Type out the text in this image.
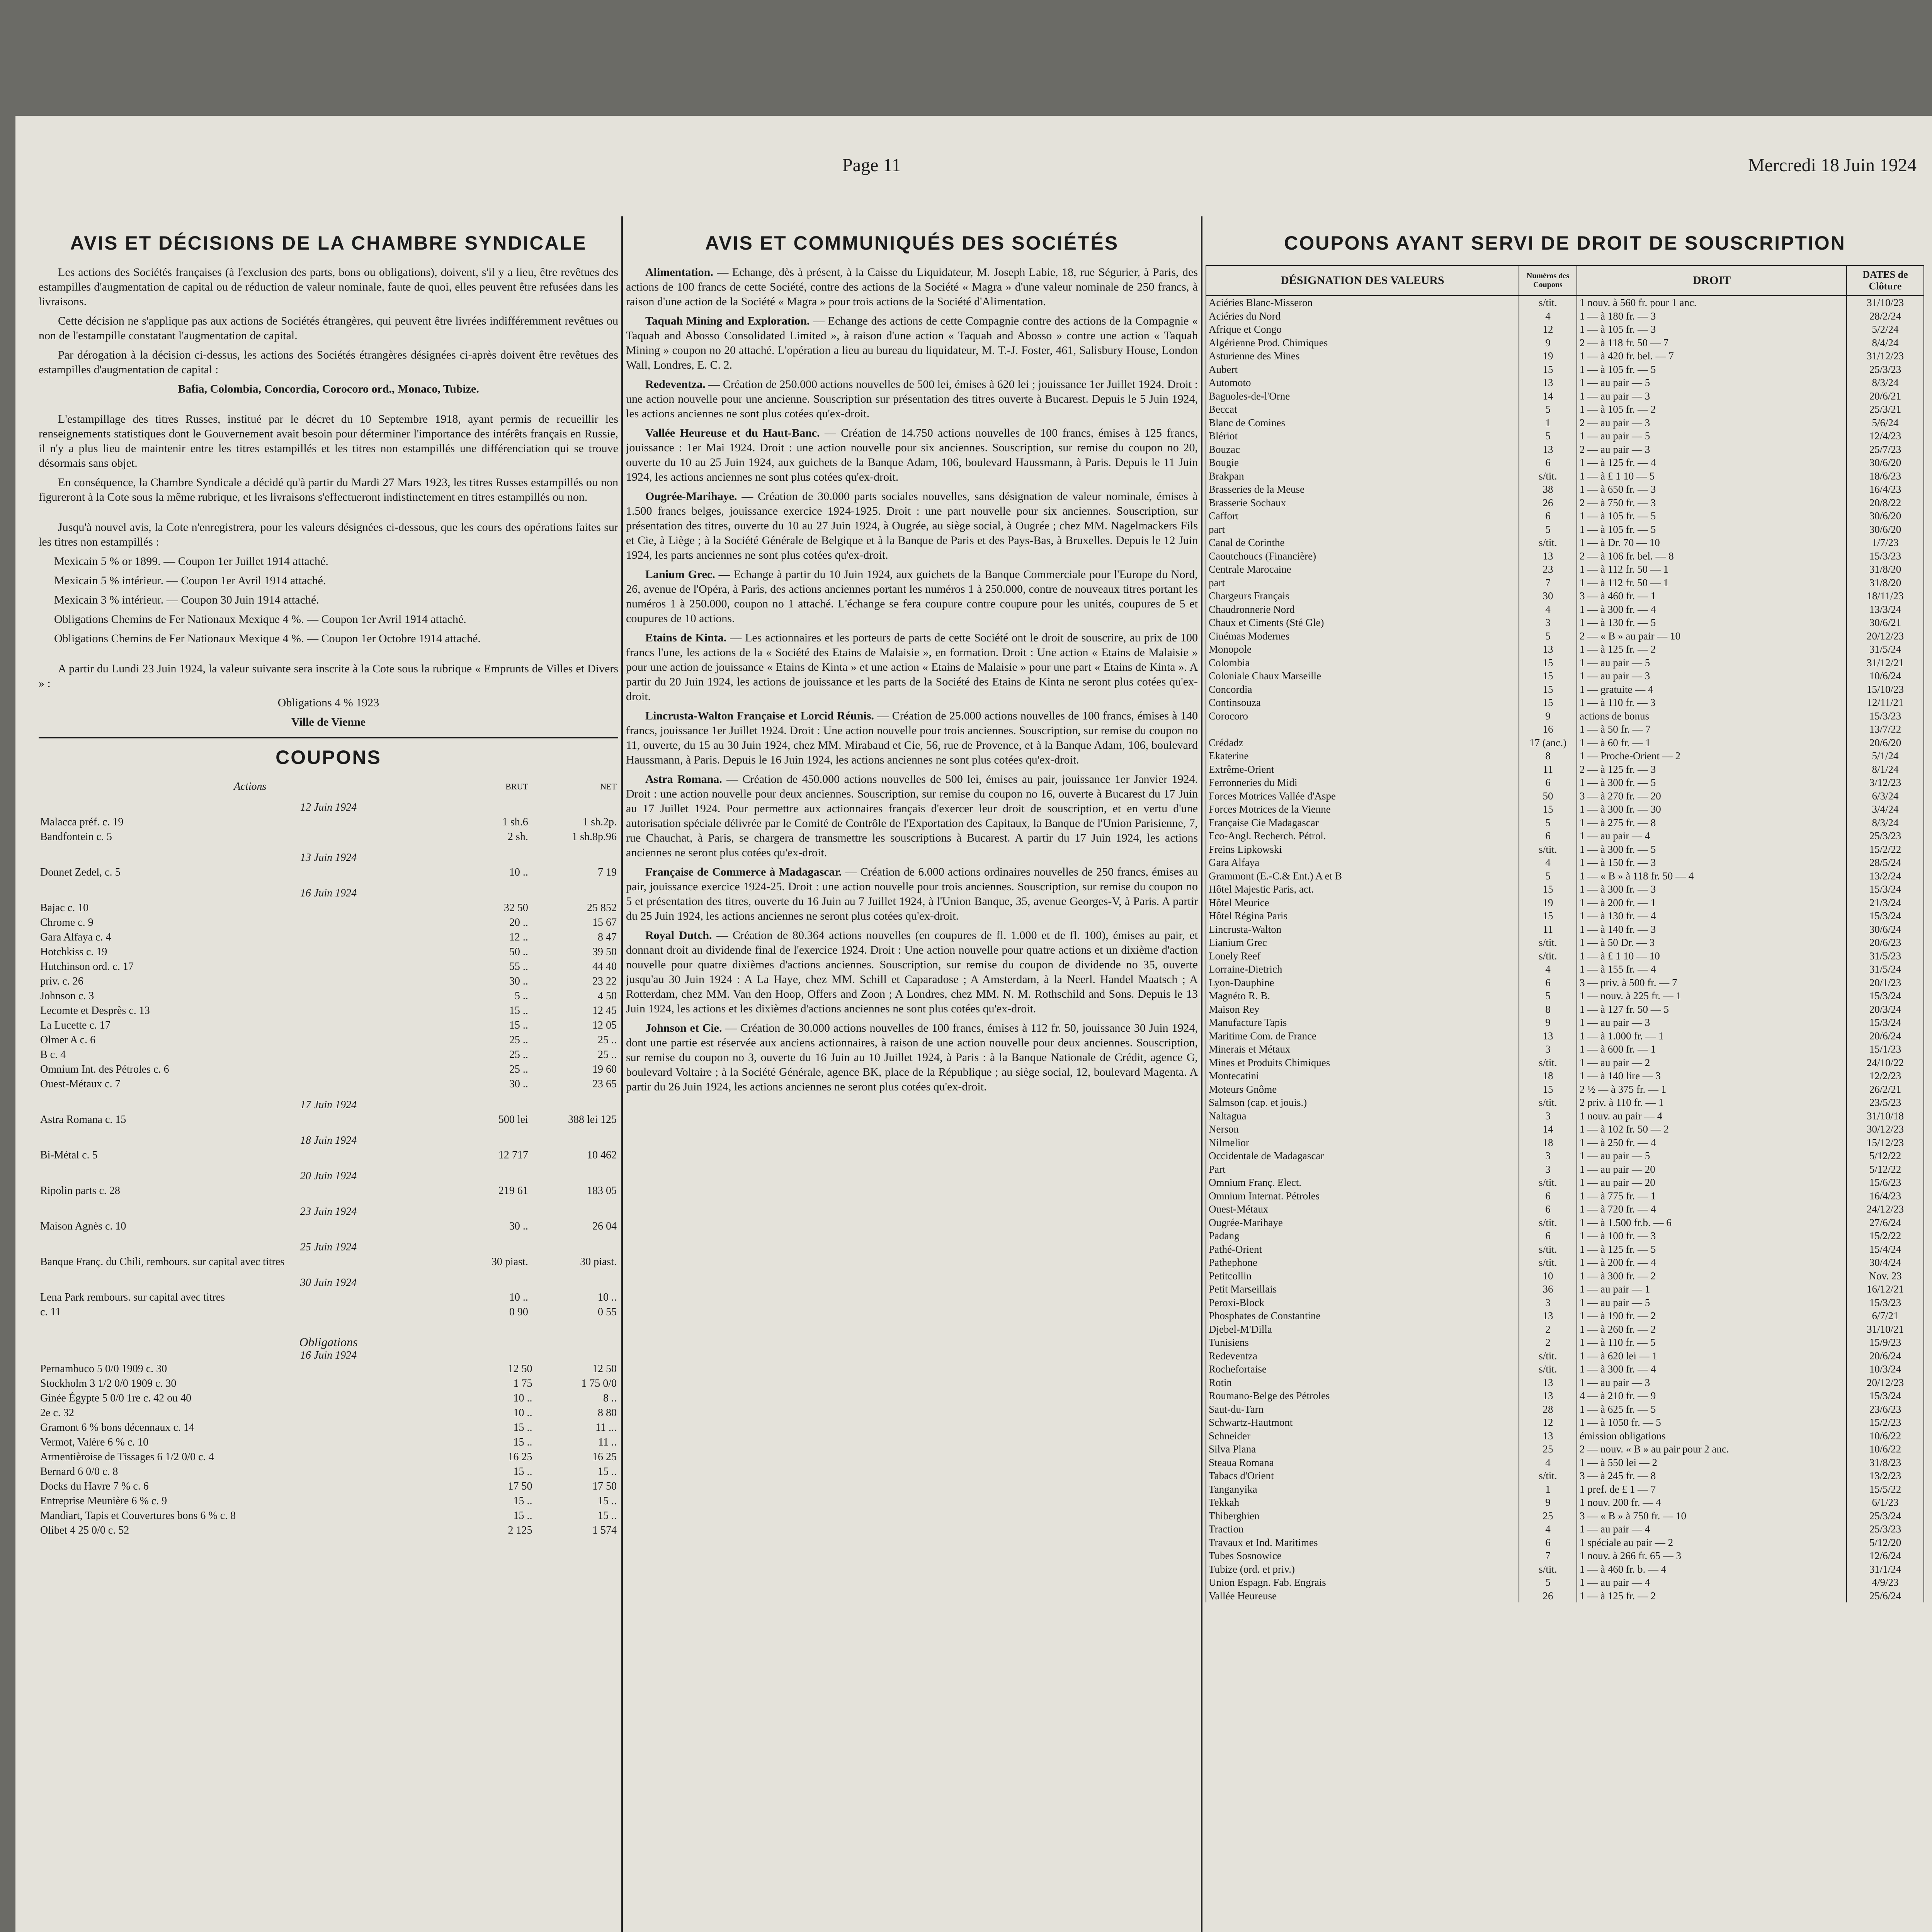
Page 11	Mercredi 18 Juin 1924
AVIS ET DÉCISIONS DE LA CHAMBRE SYNDICALE

Les actions des Sociétés françaises (à l'exclusion des parts, bons ou obligations), doivent, s'il y a lieu, être revêtues des estampilles d'augmentation de capital ou de réduction de valeur nominale, faute de quoi, elles peuvent être refusées dans les livraisons.

Cette décision ne s'applique pas aux actions de Sociétés étrangères, qui peuvent être livrées indifféremment revêtues ou non de l'estampille constatant l'augmentation de capital.

Par dérogation à la décision ci-dessus, les actions des Sociétés étrangères désignées ci-après doivent être revêtues des estampilles d'augmentation de capital :

Bafia, Colombia, Concordia, Corocoro ord., Monaco, Tubize.

L'estampillage des titres Russes, institué par le décret du 10 Septembre 1918, ayant permis de recueillir les renseignements statistiques dont le Gouvernement avait besoin pour déterminer l'importance des intérêts français en Russie, il n'y a plus lieu de maintenir entre les titres estampillés et les titres non estampillés une différenciation qui se trouve désormais sans objet.

En conséquence, la Chambre Syndicale a décidé qu'à partir du Mardi 27 Mars 1923, les titres Russes estampillés ou non figureront à la Cote sous la même rubrique, et les livraisons s'effectueront indistinctement en titres estampillés ou non.

Jusqu'à nouvel avis, la Cote n'enregistrera, pour les valeurs désignées ci-dessous, que les cours des opérations faites sur les titres non estampillés :

Mexicain 5 % or 1899. — Coupon 1er Juillet 1914 attaché.

Mexicain 5 % intérieur. — Coupon 1er Avril 1914 attaché.

Mexicain 3 % intérieur. — Coupon 30 Juin 1914 attaché.

Obligations Chemins de Fer Nationaux Mexique 4 %. — Coupon 1er Avril 1914 attaché.

Obligations Chemins de Fer Nationaux Mexique 4 %. — Coupon 1er Octobre 1914 attaché.

A partir du Lundi 23 Juin 1924, la valeur suivante sera inscrite à la Cote sous la rubrique « Emprunts de Villes et Divers » :

Obligations 4 % 1923

Ville de Vienne

COUPONS
Actions	BRUT	NET
12 Juin 1924		
Malacca préf. c. 19	1 sh.6	1 sh.2p.
Bandfontein c. 5	2 sh.	1 sh.8p.96
13 Juin 1924		
Donnet Zedel, c. 5	10 ..	7 19
16 Juin 1924		
Bajac c. 10	32 50	25 852
Chrome c. 9	20 ..	15 67
Gara Alfaya c. 4	12 ..	8 47
Hotchkiss c. 19	50 ..	39 50
Hutchinson ord. c. 17	55 ..	44 40
priv. c. 26	30 ..	23 22
Johnson c. 3	5 ..	4 50
Lecomte et Desprès c. 13	15 ..	12 45
La Lucette c. 17	15 ..	12 05
Olmer A c. 6	25 ..	25 ..
B c. 4	25 ..	25 ..
Omnium Int. des Pétroles c. 6	25 ..	19 60
Ouest-Métaux c. 7	30 ..	23 65
17 Juin 1924		
Astra Romana c. 15	500 lei	388 lei 125
18 Juin 1924		
Bi-Métal c. 5	12 717	10 462
20 Juin 1924		
Ripolin parts c. 28	219 61	183 05
23 Juin 1924		
Maison Agnès c. 10	30 ..	26 04
25 Juin 1924		
Banque Franç. du Chili, rembours. sur capital avec titres	30 piast.	30 piast.
30 Juin 1924		
Lena Park rembours. sur capital avec titres	10 ..	10 ..
c. 11	0 90	0 55
Obligations
16 Juin 1924
Pernambuco 5 0/0 1909 c. 30	12 50	12 50
Stockholm 3 1/2 0/0 1909 c. 30	1 75	1 75 0/0
Ginée Égypte 5 0/0 1re c. 42 ou 40	10 ..	8 ..
2e c. 32	10 ..	8 80
Gramont 6 % bons décennaux c. 14	15 ..	11 ...
Vermot, Valère 6 % c. 10	15 ..	11 ..
Armentièroise de Tissages 6 1/2 0/0 c. 4	16 25	16 25
Bernard 6 0/0 c. 8	15 ..	15 ..
Docks du Havre 7 % c. 6	17 50	17 50
Entreprise Meunière 6 % c. 9	15 ..	15 ..
Mandiart, Tapis et Couvertures bons 6 % c. 8	15 ..	15 ..
Olibet 4 25 0/0 c. 52	2 125	1 574
AVIS ET COMMUNIQUÉS DES SOCIÉTÉS

Alimentation. — Echange, dès à présent, à la Caisse du Liquidateur, M. Joseph Labie, 18, rue Ségurier, à Paris, des actions de 100 francs de cette Société, contre des actions de la Société « Magra » d'une valeur nominale de 250 francs, à raison d'une action de la Société « Magra » pour trois actions de la Société d'Alimentation.

Taquah Mining and Exploration. — Echange des actions de cette Compagnie contre des actions de la Compagnie « Taquah and Abosso Consolidated Limited », à raison d'une action « Taquah and Abosso » contre une action « Taquah Mining » coupon no 20 attaché. L'opération a lieu au bureau du liquidateur, M. T.-J. Foster, 461, Salisbury House, London Wall, Londres, E. C. 2.

Redeventza. — Création de 250.000 actions nouvelles de 500 lei, émises à 620 lei ; jouissance 1er Juillet 1924. Droit : une action nouvelle pour une ancienne. Souscription sur présentation des titres ouverte à Bucarest. Depuis le 5 Juin 1924, les actions anciennes ne sont plus cotées qu'ex-droit.

Vallée Heureuse et du Haut-Banc. — Création de 14.750 actions nouvelles de 100 francs, émises à 125 francs, jouissance : 1er Mai 1924. Droit : une action nouvelle pour six anciennes. Souscription, sur remise du coupon no 20, ouverte du 10 au 25 Juin 1924, aux guichets de la Banque Adam, 106, boulevard Haussmann, à Paris. Depuis le 11 Juin 1924, les actions anciennes ne sont plus cotées qu'ex-droit.

Ougrée-Marihaye. — Création de 30.000 parts sociales nouvelles, sans désignation de valeur nominale, émises à 1.500 francs belges, jouissance exercice 1924-1925. Droit : une part nouvelle pour six anciennes. Souscription, sur présentation des titres, ouverte du 10 au 27 Juin 1924, à Ougrée, au siège social, à Ougrée ; chez MM. Nagelmackers Fils et Cie, à Liège ; à la Société Générale de Belgique et à la Banque de Paris et des Pays-Bas, à Bruxelles. Depuis le 12 Juin 1924, les parts anciennes ne sont plus cotées qu'ex-droit.

Lanium Grec. — Echange à partir du 10 Juin 1924, aux guichets de la Banque Commerciale pour l'Europe du Nord, 26, avenue de l'Opéra, à Paris, des actions anciennes portant les numéros 1 à 250.000, contre de nouveaux titres portant les numéros 1 à 250.000, coupon no 1 attaché. L'échange se fera coupure contre coupure pour les unités, coupures de 5 et coupures de 10 actions.

Etains de Kinta. — Les actionnaires et les porteurs de parts de cette Société ont le droit de souscrire, au prix de 100 francs l'une, les actions de la « Société des Etains de Malaisie », en formation. Droit : Une action « Etains de Malaisie » pour une action de jouissance « Etains de Kinta » et une action « Etains de Malaisie » pour une part « Etains de Kinta ». A partir du 20 Juin 1924, les actions de jouissance et les parts de la Société des Etains de Kinta ne seront plus cotées qu'ex-droit.

Lincrusta-Walton Française et Lorcid Réunis. — Création de 25.000 actions nouvelles de 100 francs, émises à 140 francs, jouissance 1er Juillet 1924. Droit : Une action nouvelle pour trois anciennes. Souscription, sur remise du coupon no 11, ouverte, du 15 au 30 Juin 1924, chez MM. Mirabaud et Cie, 56, rue de Provence, et à la Banque Adam, 106, boulevard Haussmann, à Paris. Depuis le 16 Juin 1924, les actions anciennes ne sont plus cotées qu'ex-droit.

Astra Romana. — Création de 450.000 actions nouvelles de 500 lei, émises au pair, jouissance 1er Janvier 1924. Droit : une action nouvelle pour deux anciennes. Souscription, sur remise du coupon no 16, ouverte à Bucarest du 17 Juin au 17 Juillet 1924. Pour permettre aux actionnaires français d'exercer leur droit de souscription, et en vertu d'une autorisation spéciale délivrée par le Comité de Contrôle de l'Exportation des Capitaux, la Banque de l'Union Parisienne, 7, rue Chauchat, à Paris, se chargera de transmettre les souscriptions à Bucarest. A partir du 17 Juin 1924, les actions anciennes ne seront plus cotées qu'ex-droit.

Française de Commerce à Madagascar. — Création de 6.000 actions ordinaires nouvelles de 250 francs, émises au pair, jouissance exercice 1924-25. Droit : une action nouvelle pour trois anciennes. Souscription, sur remise du coupon no 5 et présentation des titres, ouverte du 16 Juin au 7 Juillet 1924, à l'Union Banque, 35, avenue Georges-V, à Paris. A partir du 25 Juin 1924, les actions anciennes ne seront plus cotées qu'ex-droit.

Royal Dutch. — Création de 80.364 actions nouvelles (en coupures de fl. 1.000 et de fl. 100), émises au pair, et donnant droit au dividende final de l'exercice 1924. Droit : Une action nouvelle pour quatre actions et un dixième d'action nouvelle pour quatre dixièmes d'actions anciennes. Souscription, sur remise du coupon de dividende no 35, ouverte jusqu'au 30 Juin 1924 : A La Haye, chez MM. Schill et Caparadose ; A Amsterdam, à la Neerl. Handel Maatsch ; A Rotterdam, chez MM. Van den Hoop, Offers and Zoon ; A Londres, chez MM. N. M. Rothschild and Sons. Depuis le 13 Juin 1924, les actions et les dixièmes d'actions anciennes ne sont plus cotées qu'ex-droit.

Johnson et Cie. — Création de 30.000 actions nouvelles de 100 francs, émises à 112 fr. 50, jouissance 30 Juin 1924, dont une partie est réservée aux anciens actionnaires, à raison de une action nouvelle pour deux anciennes. Souscription, sur remise du coupon no 3, ouverte du 16 Juin au 10 Juillet 1924, à Paris : à la Banque Nationale de Crédit, agence G, boulevard Voltaire ; à la Société Générale, agence BK, place de la République ; au siège social, 12, boulevard Magenta. A partir du 26 Juin 1924, les actions anciennes ne seront plus cotées qu'ex-droit.

COUPONS AYANT SERVI DE DROIT DE SOUSCRIPTION
DÉSIGNATION DES VALEURS	Numéros des Coupons	DROIT	DATES de Clôture
Aciéries Blanc-Misseron	s/tit.	1 nouv. à 560 fr. pour 1 anc.	31/10/23
Aciéries du Nord	4	1 — à 180 fr. — 3	28/2/24
Afrique et Congo	12	1 — à 105 fr. — 3	5/2/24
Algérienne Prod. Chimiques	9	2 — à 118 fr. 50 — 7	8/4/24
Asturienne des Mines	19	1 — à 420 fr. bel. — 7	31/12/23
Aubert	15	1 — à 105 fr. — 5	25/3/23
Automoto	13	1 — au pair — 5	8/3/24
Bagnoles-de-l'Orne	14	1 — au pair — 3	20/6/21
Beccat	5	1 — à 105 fr. — 2	25/3/21
Blanc de Comines	1	2 — au pair — 3	5/6/24
Blériot	5	1 — au pair — 5	12/4/23
Bouzac	13	2 — au pair — 3	25/7/23
Bougie	6	1 — à 125 fr. — 4	30/6/20
Brakpan	s/tit.	1 — à £ 1 10 — 5	18/6/23
Brasseries de la Meuse	38	1 — à 650 fr. — 3	16/4/23
Brasserie Sochaux	26	2 — à 750 fr. — 3	20/8/22
Caffort	6	1 — à 105 fr. — 5	30/6/20
part	5	1 — à 105 fr. — 5	30/6/20
Canal de Corinthe	s/tit.	1 — à Dr. 70 — 10	1/7/23
Caoutchoucs (Financière)	13	2 — à 106 fr. bel. — 8	15/3/23
Centrale Marocaine	23	1 — à 112 fr. 50 — 1	31/8/20
part	7	1 — à 112 fr. 50 — 1	31/8/20
Chargeurs Français	30	3 — à 460 fr. — 1	18/11/23
Chaudronnerie Nord	4	1 — à 300 fr. — 4	13/3/24
Chaux et Ciments (Sté Gle)	3	1 — à 130 fr. — 5	30/6/21
Cinémas Modernes	5	2 — « B » au pair — 10	20/12/23
Monopole	13	1 — à 125 fr. — 2	31/5/24
Colombia	15	1 — au pair — 5	31/12/21
Coloniale Chaux Marseille	15	1 — au pair — 3	10/6/24
Concordia	15	1 — gratuite — 4	15/10/23
Continsouza	15	1 — à 110 fr. — 3	12/11/21
Corocoro	9	actions de bonus	15/3/23
	16	1 — à 50 fr. — 7	13/7/22
Crédadz	17 (anc.)	1 — à 60 fr. — 1	20/6/20
Ekaterine	8	1 — Proche-Orient — 2	5/1/24
Extrême-Orient	11	2 — à 125 fr. — 3	8/1/24
Ferronneries du Midi	6	1 — à 300 fr. — 5	3/12/23
Forces Motrices Vallée d'Aspe	50	3 — à 270 fr. — 20	6/3/24
Forces Motrices de la Vienne	15	1 — à 300 fr. — 30	3/4/24
Française Cie Madagascar	5	1 — à 275 fr. — 8	8/3/24
Fco-Angl. Recherch. Pétrol.	6	1 — au pair — 4	25/3/23
Freins Lipkowski	s/tit.	1 — à 300 fr. — 5	15/2/22
Gara Alfaya	4	1 — à 150 fr. — 3	28/5/24
Grammont (E.-C.& Ent.) A et B	5	1 — « B » à 118 fr. 50 — 4	13/2/24
Hôtel Majestic Paris, act.	15	1 — à 300 fr. — 3	15/3/24
Hôtel Meurice	19	1 — à 200 fr. — 1	21/3/24
Hôtel Régina Paris	15	1 — à 130 fr. — 4	15/3/24
Lincrusta-Walton	11	1 — à 140 fr. — 3	30/6/24
Lianium Grec	s/tit.	1 — à 50 Dr. — 3	20/6/23
Lonely Reef	s/tit.	1 — à £ 1 10 — 10	31/5/23
Lorraine-Dietrich	4	1 — à 155 fr. — 4	31/5/24
Lyon-Dauphine	6	3 — priv. à 500 fr. — 7	20/1/23
Magnéto R. B.	5	1 — nouv. à 225 fr. — 1	15/3/24
Maison Rey	8	1 — à 127 fr. 50 — 5	20/3/24
Manufacture Tapis	9	1 — au pair — 3	15/3/24
Maritime Com. de France	13	1 — à 1.000 fr. — 1	20/6/24
Minerais et Métaux	3	1 — à 600 fr. — 1	15/1/23
Mines et Produits Chimiques	s/tit.	1 — au pair — 2	24/10/22
Montecatini	18	1 — à 140 lire — 3	12/2/23
Moteurs Gnôme	15	2 ½ — à 375 fr. — 1	26/2/21
Salmson (cap. et jouis.)	s/tit.	2 priv. à 110 fr. — 1	23/5/23
Naltagua	3	1 nouv. au pair — 4	31/10/18
Nerson	14	1 — à 102 fr. 50 — 2	30/12/23
Nilmelior	18	1 — à 250 fr. — 4	15/12/23
Occidentale de Madagascar	3	1 — au pair — 5	5/12/22
Part	3	1 — au pair — 20	5/12/22
Omnium Franç. Elect.	s/tit.	1 — au pair — 20	15/6/23
Omnium Internat. Pétroles	6	1 — à 775 fr. — 1	16/4/23
Ouest-Métaux	6	1 — à 720 fr. — 4	24/12/23
Ougrée-Marihaye	s/tit.	1 — à 1.500 fr.b. — 6	27/6/24
Padang	6	1 — à 100 fr. — 3	15/2/22
Pathé-Orient	s/tit.	1 — à 125 fr. — 5	15/4/24
Pathephone	s/tit.	1 — à 200 fr. — 4	30/4/24
Petitcollin	10	1 — à 300 fr. — 2	Nov. 23
Petit Marseillais	36	1 — au pair — 1	16/12/21
Peroxi-Block	3	1 — au pair — 5	15/3/23
Phosphates de Constantine	13	1 — à 190 fr. — 2	6/7/21
Djebel-M'Dilla	2	1 — à 260 fr. — 2	31/10/21
Tunisiens	2	1 — à 110 fr. — 5	15/9/23
Redeventza	s/tit.	1 — à 620 lei — 1	20/6/24
Rochefortaise	s/tit.	1 — à 300 fr. — 4	10/3/24
Rotin	13	1 — au pair — 3	20/12/23
Roumano-Belge des Pétroles	13	4 — à 210 fr. — 9	15/3/24
Saut-du-Tarn	28	1 — à 625 fr. — 5	23/6/23
Schwartz-Hautmont	12	1 — à 1050 fr. — 5	15/2/23
Schneider	13	émission obligations	10/6/22
Silva Plana	25	2 — nouv. « B » au pair pour 2 anc.	10/6/22
Steaua Romana	4	1 — à 550 lei — 2	31/8/23
Tabacs d'Orient	s/tit.	3 — à 245 fr. — 8	13/2/23
Tanganyika	1	1 pref. de £ 1 — 7	15/5/22
Tekkah	9	1 nouv. 200 fr. — 4	6/1/23
Thiberghien	25	3 — « B » à 750 fr. — 10	25/3/24
Traction	4	1 — au pair — 4	25/3/23
Travaux et Ind. Maritimes	6	1 spéciale au pair — 2	5/12/20
Tubes Sosnowice	7	1 nouv. à 266 fr. 65 — 3	12/6/24
Tubize (ord. et priv.)	s/tit.	1 — à 460 fr. b. — 4	31/1/24
Union Espagn. Fab. Engrais	5	1 — au pair — 4	4/9/23
Vallée Heureuse	26	1 — à 125 fr. — 2	25/6/24
